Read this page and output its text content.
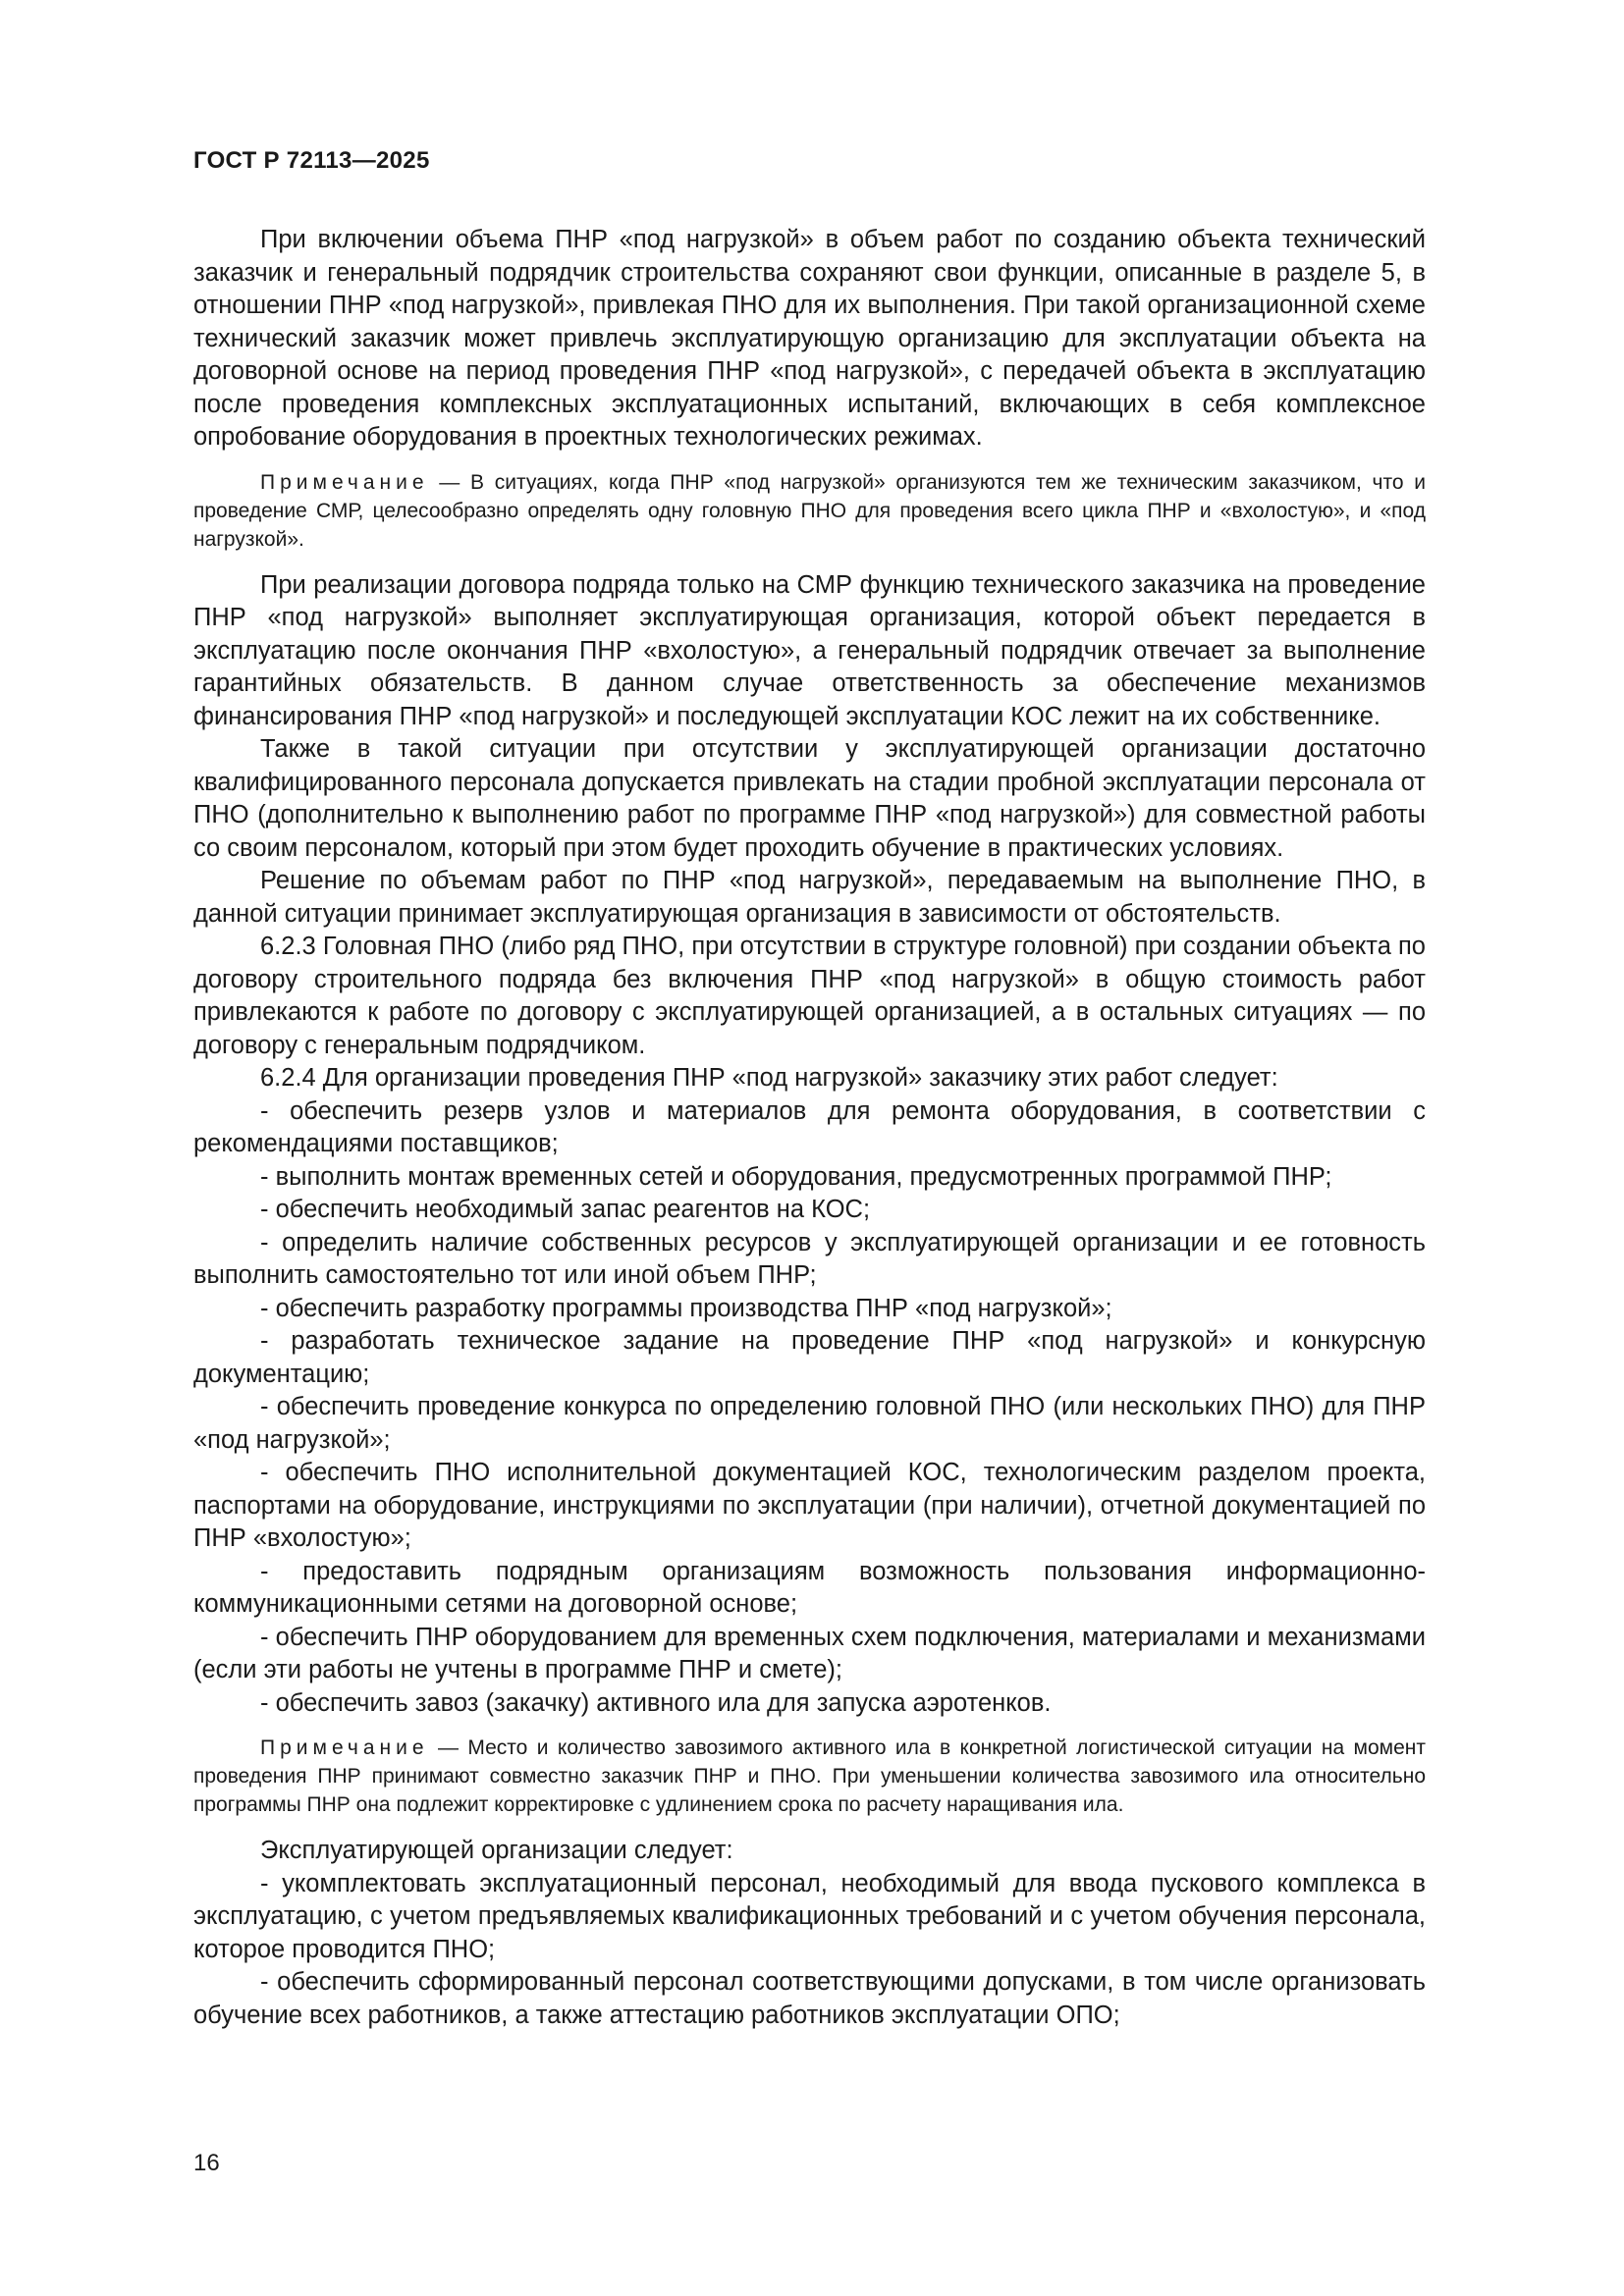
ГОСТ Р 72113—2025

При включении объема ПНР «под нагрузкой» в объем работ по созданию объекта технический заказчик и генеральный подрядчик строительства сохраняют свои функции, описанные в разделе 5, в отношении ПНР «под нагрузкой», привлекая ПНО для их выполнения. При такой организационной схеме технический заказчик может привлечь эксплуатирующую организацию для эксплуатации объекта на договорной основе на период проведения ПНР «под нагрузкой», с передачей объекта в эксплуатацию после проведения комплексных эксплуатационных испытаний, включающих в себя комплексное опробование оборудования в проектных технологических режимах.

Примечание — В ситуациях, когда ПНР «под нагрузкой» организуются тем же техническим заказчиком, что и проведение СМР, целесообразно определять одну головную ПНО для проведения всего цикла ПНР и «вхолостую», и «под нагрузкой».

При реализации договора подряда только на СМР функцию технического заказчика на проведение ПНР «под нагрузкой» выполняет эксплуатирующая организация, которой объект передается в эксплуатацию после окончания ПНР «вхолостую», а генеральный подрядчик отвечает за выполнение гарантийных обязательств. В данном случае ответственность за обеспечение механизмов финансирования ПНР «под нагрузкой» и последующей эксплуатации КОС лежит на их собственнике.

Также в такой ситуации при отсутствии у эксплуатирующей организации достаточно квалифицированного персонала допускается привлекать на стадии пробной эксплуатации персонала от ПНО (дополнительно к выполнению работ по программе ПНР «под нагрузкой») для совместной работы со своим персоналом, который при этом будет проходить обучение в практических условиях.

Решение по объемам работ по ПНР «под нагрузкой», передаваемым на выполнение ПНО, в данной ситуации принимает эксплуатирующая организация в зависимости от обстоятельств.

6.2.3 Головная ПНО (либо ряд ПНО, при отсутствии в структуре головной) при создании объекта по договору строительного подряда без включения ПНР «под нагрузкой» в общую стоимость работ привлекаются к работе по договору с эксплуатирующей организацией, а в остальных ситуациях — по договору с генеральным подрядчиком.

6.2.4 Для организации проведения ПНР «под нагрузкой» заказчику этих работ следует:

- обеспечить резерв узлов и материалов для ремонта оборудования, в соответствии с рекомендациями поставщиков;

- выполнить монтаж временных сетей и оборудования, предусмотренных программой ПНР;

- обеспечить необходимый запас реагентов на КОС;

- определить наличие собственных ресурсов у эксплуатирующей организации и ее готовность выполнить самостоятельно тот или иной объем ПНР;

- обеспечить разработку программы производства ПНР «под нагрузкой»;

- разработать техническое задание на проведение ПНР «под нагрузкой» и конкурсную документацию;

- обеспечить проведение конкурса по определению головной ПНО (или нескольких ПНО) для ПНР «под нагрузкой»;

- обеспечить ПНО исполнительной документацией КОС, технологическим разделом проекта, паспортами на оборудование, инструкциями по эксплуатации (при наличии), отчетной документацией по ПНР «вхолостую»;

- предоставить подрядным организациям возможность пользования информационно-коммуникационными сетями на договорной основе;

- обеспечить ПНР оборудованием для временных схем подключения, материалами и механизмами (если эти работы не учтены в программе ПНР и смете);

- обеспечить завоз (закачку) активного ила для запуска аэротенков.

Примечание — Место и количество завозимого активного ила в конкретной логистической ситуации на момент проведения ПНР принимают совместно заказчик ПНР и ПНО. При уменьшении количества завозимого ила относительно программы ПНР она подлежит корректировке с удлинением срока по расчету наращивания ила.

Эксплуатирующей организации следует:

- укомплектовать эксплуатационный персонал, необходимый для ввода пускового комплекса в эксплуатацию, с учетом предъявляемых квалификационных требований и с учетом обучения персонала, которое проводится ПНО;

- обеспечить сформированный персонал соответствующими допусками, в том числе организовать обучение всех работников, а также аттестацию работников эксплуатации ОПО;

16
